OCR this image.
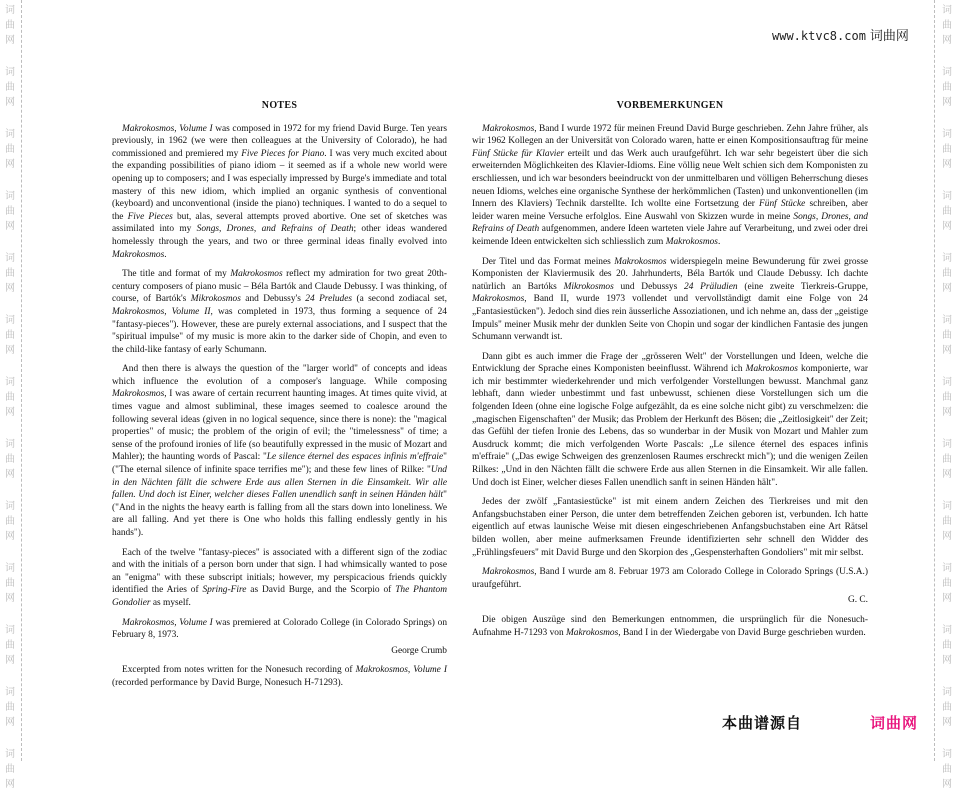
词
曲
网
词
曲
网
词
曲
网
词
曲
网
词
曲
网
词
曲
网
词
曲
网
词
曲
网
词
曲
网
词
曲
网
词
曲
网
词
曲
网
词
曲
网
词
曲
网
词
曲
网
词
曲
网
词
曲
网
词
曲
网
词
曲
网
词
曲
网
词
曲
网
词
曲
网
词
曲
网
词
曲
网
词
曲
网
词
曲
网
www.ktvc8.com 词曲网
NOTES

Makrokosmos, Volume I was composed in 1972 for my friend David Burge. Ten years previously, in 1962 (we were then colleagues at the University of Colorado), he had commissioned and premiered my Five Pieces for Piano. I was very much excited about the expanding possibilities of piano idiom – it seemed as if a whole new world were opening up to composers; and I was especially impressed by Burge's immediate and total mastery of this new idiom, which implied an organic synthesis of conventional (keyboard) and unconventional (inside the piano) techniques. I wanted to do a sequel to the Five Pieces but, alas, several attempts proved abortive. One set of sketches was assimilated into my Songs, Drones, and Refrains of Death; other ideas wandered homelessly through the years, and two or three germinal ideas finally evolved into Makrokosmos.

The title and format of my Makrokosmos reflect my admiration for two great 20th-century composers of piano music – Béla Bartók and Claude Debussy. I was thinking, of course, of Bartók's Mikrokosmos and Debussy's 24 Preludes (a second zodiacal set, Makrokosmos, Volume II, was completed in 1973, thus forming a sequence of 24 "fantasy-pieces"). However, these are purely external associations, and I suspect that the "spiritual impulse" of my music is more akin to the darker side of Chopin, and even to the child-like fantasy of early Schumann.

And then there is always the question of the "larger world" of concepts and ideas which influence the evolution of a composer's language. While composing Makrokosmos, I was aware of certain recurrent haunting images. At times quite vivid, at times vague and almost subliminal, these images seemed to coalesce around the following several ideas (given in no logical sequence, since there is none): the "magical properties" of music; the problem of the origin of evil; the "timelessness" of time; a sense of the profound ironies of life (so beautifully expressed in the music of Mozart and Mahler); the haunting words of Pascal: "Le silence éternel des espaces infinis m'effraie" ("The eternal silence of infinite space terrifies me"); and these few lines of Rilke: "Und in den Nächten fällt die schwere Erde aus allen Sternen in die Einsamkeit. Wir alle fallen. Und doch ist Einer, welcher dieses Fallen unendlich sanft in seinen Händen hält" ("And in the nights the heavy earth is falling from all the stars down into loneliness. We are all falling. And yet there is One who holds this falling endlessly gently in his hands").

Each of the twelve "fantasy-pieces" is associated with a different sign of the zodiac and with the initials of a person born under that sign. I had whimsically wanted to pose an "enigma" with these subscript initials; however, my perspicacious friends quickly identified the Aries of Spring-Fire as David Burge, and the Scorpio of The Phantom Gondolier as myself.

Makrokosmos, Volume I was premiered at Colorado College (in Colorado Springs) on February 8, 1973.

George Crumb

Excerpted from notes written for the Nonesuch recording of Makrokosmos, Volume I (recorded performance by David Burge, Nonesuch H-71293).

VORBEMERKUNGEN

Makrokosmos, Band I wurde 1972 für meinen Freund David Burge geschrieben. Zehn Jahre früher, als wir 1962 Kollegen an der Universität von Colorado waren, hatte er einen Kompositionsauftrag für meine Fünf Stücke für Klavier erteilt und das Werk auch uraufgeführt. Ich war sehr begeistert über die sich erweiternden Möglichkeiten des Klavier-Idioms. Eine völlig neue Welt schien sich dem Komponisten zu erschliessen, und ich war besonders beeindruckt von der unmittelbaren und völligen Beherrschung dieses neuen Idioms, welches eine organische Synthese der herkömmlichen (Tasten) und unkonventionellen (im Innern des Klaviers) Technik darstellte. Ich wollte eine Fortsetzung der Fünf Stücke schreiben, aber leider waren meine Versuche erfolglos. Eine Auswahl von Skizzen wurde in meine Songs, Drones, and Refrains of Death aufgenommen, andere Ideen warteten viele Jahre auf Verarbeitung, und zwei oder drei keimende Ideen entwickelten sich schliesslich zum Makrokosmos.

Der Titel und das Format meines Makrokosmos widerspiegeln meine Bewunderung für zwei grosse Komponisten der Klaviermusik des 20. Jahrhunderts, Béla Bartók und Claude Debussy. Ich dachte natürlich an Bartóks Mikrokosmos und Debussys 24 Präludien (eine zweite Tierkreis-Gruppe, Makrokosmos, Band II, wurde 1973 vollendet und vervollständigt damit eine Folge von 24 „Fantasiestücken"). Jedoch sind dies rein äusserliche Assoziationen, und ich nehme an, dass der „geistige Impuls" meiner Musik mehr der dunklen Seite von Chopin und sogar der kindlichen Fantasie des jungen Schumann verwandt ist.

Dann gibt es auch immer die Frage der „grösseren Welt" der Vorstellungen und Ideen, welche die Entwicklung der Sprache eines Komponisten beeinflusst. Während ich Makrokosmos komponierte, war ich mir bestimmter wiederkehrender und mich verfolgender Vorstellungen bewusst. Manchmal ganz lebhaft, dann wieder unbestimmt und fast unbewusst, schienen diese Vorstellungen sich um die folgenden Ideen (ohne eine logische Folge aufgezählt, da es eine solche nicht gibt) zu verschmelzen: die „magischen Eigenschaften" der Musik; das Problem der Herkunft des Bösen; die „Zeitlosigkeit" der Zeit; das Gefühl der tiefen Ironie des Lebens, das so wunderbar in der Musik von Mozart und Mahler zum Ausdruck kommt; die mich verfolgenden Worte Pascals: „Le silence éternel des espaces infinis m'effraie" („Das ewige Schweigen des grenzenlosen Raumes erschreckt mich"); und die wenigen Zeilen Rilkes: „Und in den Nächten fällt die schwere Erde aus allen Sternen in die Einsamkeit. Wir alle fallen. Und doch ist Einer, welcher dieses Fallen unendlich sanft in seinen Händen hält".

Jedes der zwölf „Fantasiestücke" ist mit einem andern Zeichen des Tierkreises und mit den Anfangsbuchstaben einer Person, die unter dem betreffenden Zeichen geboren ist, verbunden. Ich hatte eigentlich auf etwas launische Weise mit diesen eingeschriebenen Anfangsbuchstaben eine Art Rätsel bilden wollen, aber meine aufmerksamen Freunde identifizierten sehr schnell den Widder des „Frühlingsfeuers" mit David Burge und den Skorpion des „Gespensterhaften Gondoliers" mit mir selbst.

Makrokosmos, Band I wurde am 8. Februar 1973 am Colorado College in Colorado Springs (U.S.A.) uraufgeführt.

G. C.

Die obigen Auszüge sind den Bemerkungen entnommen, die ursprünglich für die Nonesuch-Aufnahme H-71293 von Makrokosmos, Band I in der Wiedergabe von David Burge geschrieben wurden.

本曲谱源自	词曲网
